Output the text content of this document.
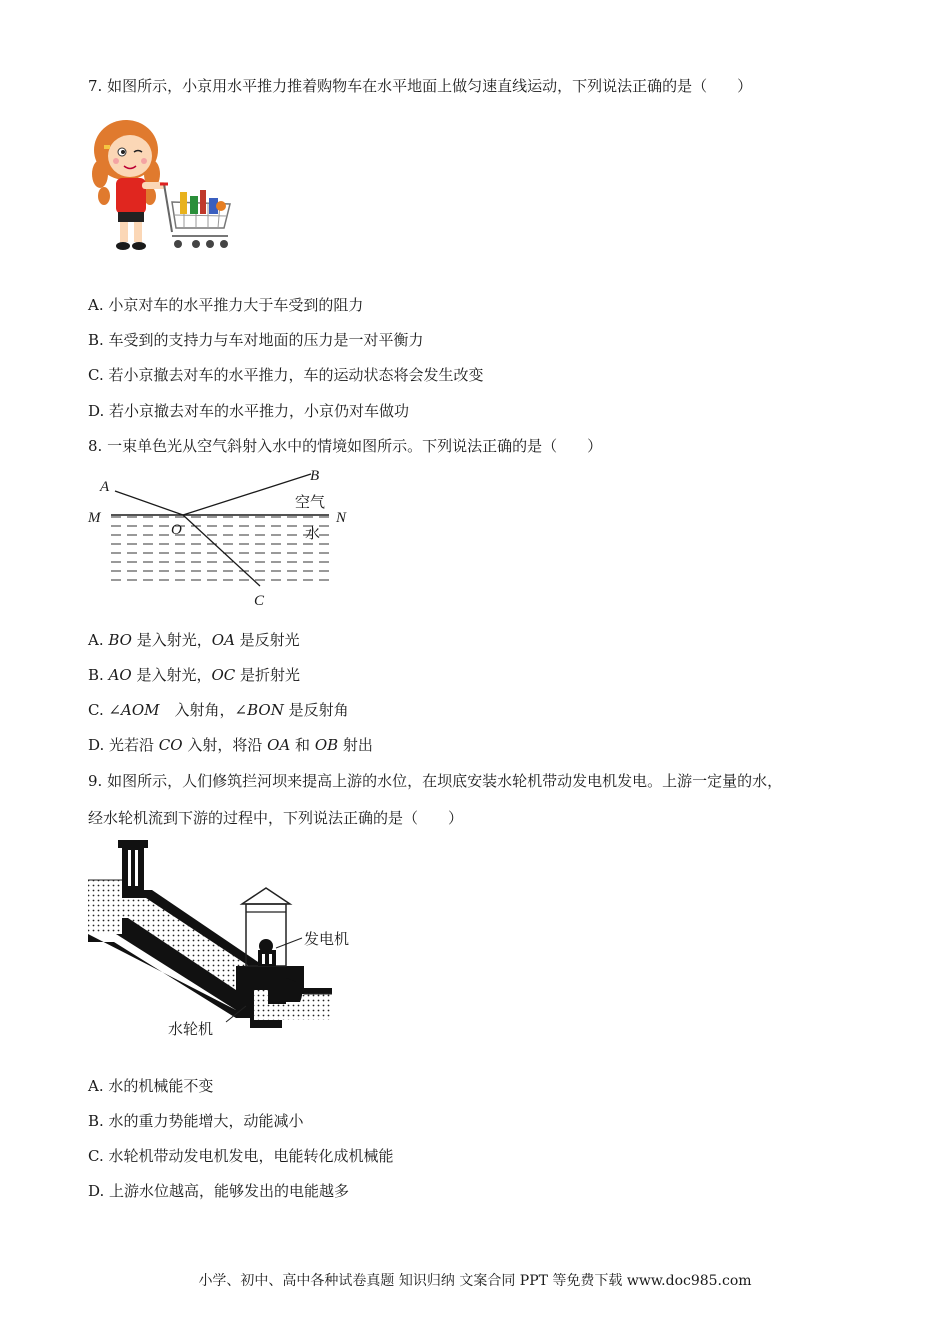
7. 如图所示，小京用水平推力推着购物车在水平地面上做匀速直线运动，下列说法正确的是（　　）
A. 小京对车的水平推力大于车受到的阻力
B. 车受到的支持力与车对地面的压力是一对平衡力
C. 若小京撤去对车的水平推力，车的运动状态将会发生改变
D. 若小京撤去对车的水平推力，小京仍对车做功
8. 一束单色光从空气斜射入水中的情境如图所示。下列说法正确的是（　　）
A
B
C
M	N
O
空气
水
A. BO 是入射光，OA 是反射光
B. AO 是入射光，OC 是折射光
C. ∠AOM　入射角，∠BON 是反射角
D. 光若沿 CO 入射，将沿 OA 和 OB 射出
9. 如图所示，人们修筑拦河坝来提高上游的水位，在坝底安装水轮机带动发电机发电。上游一定量的水，
经水轮机流到下游的过程中，下列说法正确的是（　　）
发电机
水轮机
A. 水的机械能不变
B. 水的重力势能增大，动能减小
C. 水轮机带动发电机发电，电能转化成机械能
D. 上游水位越高，能够发出的电能越多
小学、初中、高中各种试卷真题 知识归纳 文案合同 PPT 等免费下载 www.doc985.com
